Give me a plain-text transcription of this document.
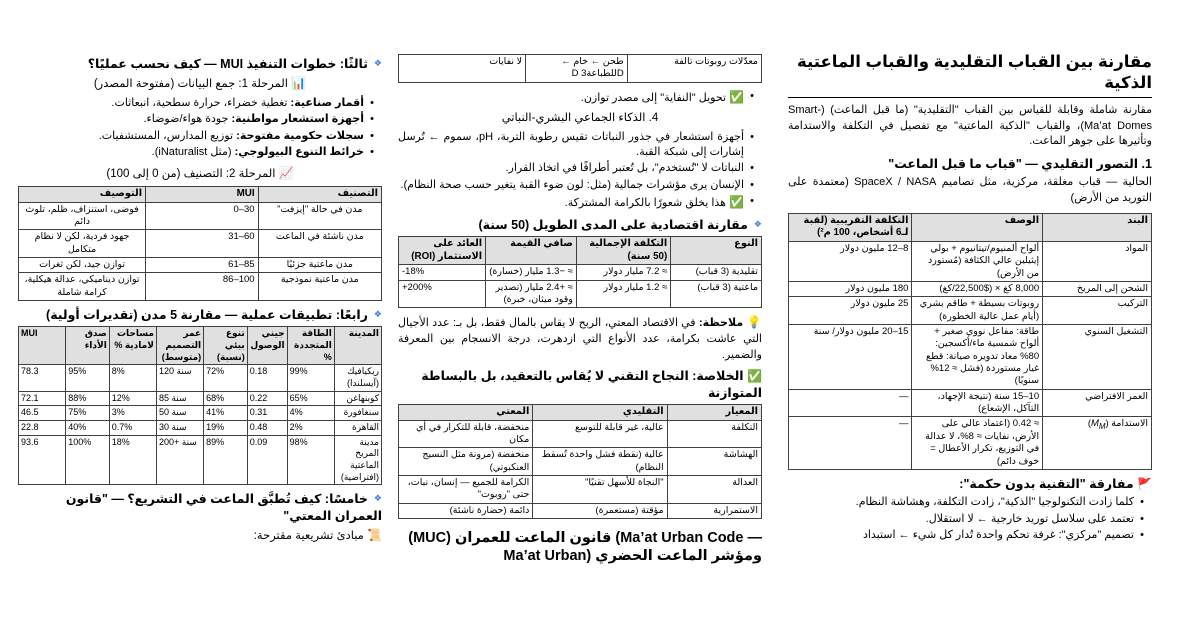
❖ ثالثًا: خطوات التنفيذ MUI — كيف نحسب عمليًا؟
📊 المرحلة 1: جمع البيانات (مفتوحة المصدر)
• أقمار صناعية: تغطية خضراء، حرارة سطحية، انبعاثات.
• أجهزة استشعار مواطنية: جودة هواء/ضوضاء.
• سجلات حكومية مفتوحة: توزيع المدارس، المستشفيات.
• خرائط التنوع البيولوجي: (مثل iNaturalist).
📈 المرحلة 2: التصنيف (من 0 إلى 100)
التصنيف	MUI	التوصيف
مدن في حالة "إيزفت"	0–30	فوضى، استنزاف، ظلم، تلوث دائم
مدن ناشئة في الماعت	31–60	جهود فردية، لكن لا نظام متكامل
مدن ماعتية جزئيًا	61–85	توازن جيد، لكن ثغرات
مدن ماعتية نموذجية	86–100	توازن ديناميكي، عدالة هيكلية، كرامة شاملة
❖ رابعًا: تطبيقات عملية — مقارنة 5 مدن (تقديرات أولية)
المدينة	الطاقة المتجددة %	جيني الوصول	تنوع بيئي (نسبة)	عمر التصميم (متوسط)	مساحات لامادية %	صدق الأداء	MUI
ريكيافيك (آيسلندا)	99%	0.18	72%	120 سنة	8%	95%	78.3
كوبنهاغن	65%	0.22	68%	85 سنة	12%	88%	72.1
سنغافورة	4%	0.31	41%	50 سنة	3%	75%	46.5
القاهرة	2%	0.48	19%	30 سنة	0.7%	40%	22.8
مدينة المريخ الماعتية (افتراضية)	98%	0.09	89%	200+ سنة	18%	100%	93.6
❖ خامسًا: كيف تُطبَّق الماعت في التشريع؟ — "قانون العمران المعتي"
📜 مبادئ تشريعية مقترحة:
معدّلات روبوتات تالفة	طحن ← خام ← DللطباعةD 3	لا نفايات
• ✅ تحويل "النفاية" إلى مصدر توازن.
4. الذكاء الجماعي البشري-النباتي
• أجهزة استشعار في جذور النباتات تقيس رطوبة التربة، pH، سموم ← تُرسل إشارات إلى شبكة القبة.
• النباتات لا "تُستخدم"، بل تُعتبر أطرافًا في اتخاذ القرار.
• الإنسان يرى مؤشرات جمالية (مثل: لون ضوء القبة يتغير حسب صحة النظام).
• ✅ هذا يخلق شعورًا بالكرامة المشتركة.
❖ مقارنة اقتصادية على المدى الطويل (50 سنة)
النوع	التكلفة الإجمالية (50 سنة)	صافي القيمة	العائد على الاستثمار (ROI)
تقليدية (3 قباب)	≈ 7.2 مليار دولار	≈ −1.3 مليار (خسارة)	-18%
ماعتية (3 قباب)	≈ 1.2 مليار دولار	≈ +2.4 مليار (تصدير وقود ميثان، خبرة)	+200%
💡 ملاحظة: في الاقتصاد المعتي، الربح لا يقاس بالمال فقط، بل بـ: عدد الأجيال التي عاشت بكرامة، عدد الأنواع التي ازدهرت، درجة الانسجام بين المعرفة والضمير.
✅ الخلاصة: النجاح التقني لا يُقاس بالتعقيد، بل بالبساطة المتوازنة
المعيار	التقليدي	المعتي
التكلفة	عالية، غير قابلة للتوسع	منخفضة، قابلة للتكرار في أي مكان
الهشاشة	عالية (نقطة فشل واحدة تُسقط النظام)	منخفضة (مرونة مثل النسيج العنكبوتي)
العدالة	"النجاة للأسهل تقنيًا"	الكرامة للجميع — إنسان، نبات، حتى "روبوت"
الاستمرارية	مؤقتة (مستعمرة)	دائمة (حضارة ناشئة)
— Ma’at Urban Code) قانون الماعت للعمران (MUC) ومؤشر الماعت الحضري (Ma’at Urban
مقارنة بين القباب التقليدية والقباب الماعتية الذكية
مقارنة شاملة وقابلة للقياس بين القباب "التقليدية" (ما قبل الماعت) (Smart-Ma’at Domes)، والقباب "الذكية الماعتية" مع تفصيل في التكلفة والاستدامة وتأثيرها على جوهر الماعت.
1. التصور التقليدي — "قباب ما قبل الماعت"
الحالية — قباب مغلقة، مركزية، مثل تصاميم SpaceX / NASA (معتمدة على التوريد من الأرض)
البند	الوصف	التكلفة التقريبية (لقبة لـ6 أشخاص، 100 م²)
المواد	ألواح ألمنيوم/تيتانيوم + بولي إيثيلين عالي الكثافة (مُستورد من الأرض)	8–12 مليون دولار
الشحن إلى المريخ	8,000 كغ × ($22,500/كغ)	180 مليون دولار
التركيب	روبوتات بسيطة + طاقم بشري (أيام عمل عالية الخطورة)	25 مليون دولار
التشغيل السنوي	طاقة: مفاعل نووي صغير + ألواح شمسية ماء/أكسجين: 80% معاد تدويره صيانة: قطع غيار مستوردة (فشل ≈ 12% سنويًا)	15–20 مليون دولار/ سنة
العمر الافتراضي	10–15 سنة (نتيجة الإجهاد، التآكل، الإشعاع)	—
الاستدامة $(M_M)$	≈ 0.42 (اعتماد عالي على الأرض، نفايات ≈ 8%، لا عدالة في التوزيع، تكرار الأعطال = خوف دائم)	—
🚩 مفارقة "التقنية بدون حكمة":
• كلما زادت التكنولوجيا "الذكية"، زادت التكلفة، وهشاشة النظام.
• تعتمد على سلاسل توريد خارجية ← لا استقلال.
• تصميم "مركزي": غرفة تحكم واحدة تُدار كل شيء ← استبداد
